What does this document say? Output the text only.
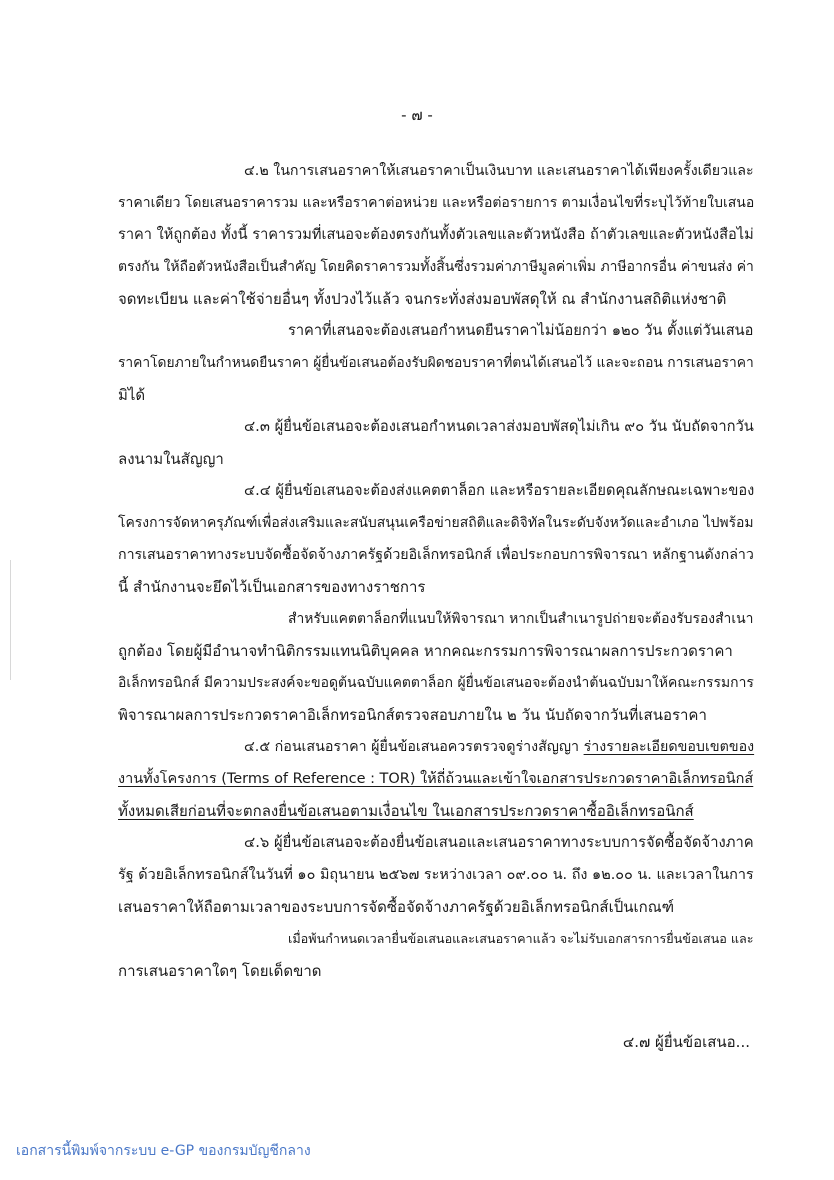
- ๗ -
๔.๒ ในการเสนอราคาให้เสนอราคาเป็นเงินบาท และเสนอราคาได้เพียงครั้งเดียวและ
ราคาเดียว โดยเสนอราคารวม และหรือราคาต่อหน่วย และหรือต่อรายการ ตามเงื่อนไขที่ระบุไว้ท้ายใบเสนอ
ราคา ให้ถูกต้อง ทั้งนี้ ราคารวมที่เสนอจะต้องตรงกันทั้งตัวเลขและตัวหนังสือ ถ้าตัวเลขและตัวหนังสือไม่
ตรงกัน ให้ถือตัวหนังสือเป็นสำคัญ โดยคิดราคารวมทั้งสิ้นซึ่งรวมค่าภาษีมูลค่าเพิ่ม ภาษีอากรอื่น ค่าขนส่ง ค่า
จดทะเบียน และค่าใช้จ่ายอื่นๆ ทั้งปวงไว้แล้ว จนกระทั่งส่งมอบพัสดุให้ ณ สำนักงานสถิติแห่งชาติ
ราคาที่เสนอจะต้องเสนอกำหนดยืนราคาไม่น้อยกว่า ๑๒๐ วัน ตั้งแต่วันเสนอ
ราคาโดยภายในกำหนดยืนราคา ผู้ยื่นข้อเสนอต้องรับผิดชอบราคาที่ตนได้เสนอไว้ และจะถอน การเสนอราคา
มิได้
๔.๓ ผู้ยื่นข้อเสนอจะต้องเสนอกำหนดเวลาส่งมอบพัสดุไม่เกิน ๙๐ วัน นับถัดจากวัน
ลงนามในสัญญา
๔.๔ ผู้ยื่นข้อเสนอจะต้องส่งแคตตาล็อก และหรือรายละเอียดคุณลักษณะเฉพาะของ
โครงการจัดหาครุภัณฑ์เพื่อส่งเสริมและสนับสนุนเครือข่ายสถิติและดิจิทัลในระดับจังหวัดและอำเภอ ไปพร้อม
การเสนอราคาทางระบบจัดซื้อจัดจ้างภาครัฐด้วยอิเล็กทรอนิกส์ เพื่อประกอบการพิจารณา หลักฐานดังกล่าว
นี้ สำนักงานจะยึดไว้เป็นเอกสารของทางราชการ
สำหรับแคตตาล็อกที่แนบให้พิจารณา หากเป็นสำเนารูปถ่ายจะต้องรับรองสำเนา
ถูกต้อง โดยผู้มีอำนาจทำนิติกรรมแทนนิติบุคคล หากคณะกรรมการพิจารณาผลการประกวดราคา
อิเล็กทรอนิกส์ มีความประสงค์จะขอดูต้นฉบับแคตตาล็อก ผู้ยื่นข้อเสนอจะต้องนำต้นฉบับมาให้คณะกรรมการ
พิจารณาผลการประกวดราคาอิเล็กทรอนิกส์ตรวจสอบภายใน ๒ วัน นับถัดจากวันที่เสนอราคา
๔.๕ ก่อนเสนอราคา ผู้ยื่นข้อเสนอควรตรวจดูร่างสัญญา ร่างรายละเอียดขอบเขตของ
งานทั้งโครงการ (Terms of Reference : TOR) ให้ถี่ถ้วนและเข้าใจเอกสารประกวดราคาอิเล็กทรอนิกส์
ทั้งหมดเสียก่อนที่จะตกลงยื่นข้อเสนอตามเงื่อนไข ในเอกสารประกวดราคาซื้ออิเล็กทรอนิกส์
๔.๖ ผู้ยื่นข้อเสนอจะต้องยื่นข้อเสนอและเสนอราคาทางระบบการจัดซื้อจัดจ้างภาค
รัฐ ด้วยอิเล็กทรอนิกส์ในวันที่ ๑๐ มิถุนายน ๒๕๖๗ ระหว่างเวลา ๐๙.๐๐ น. ถึง ๑๒.๐๐ น. และเวลาในการ
เสนอราคาให้ถือตามเวลาของระบบการจัดซื้อจัดจ้างภาครัฐด้วยอิเล็กทรอนิกส์เป็นเกณฑ์
เมื่อพ้นกำหนดเวลายื่นข้อเสนอและเสนอราคาแล้ว จะไม่รับเอกสารการยื่นข้อเสนอ และ
การเสนอราคาใดๆ โดยเด็ดขาด
๔.๗ ผู้ยื่นข้อเสนอ...
เอกสารนี้พิมพ์จากระบบ e-GP ของกรมบัญชีกลาง
